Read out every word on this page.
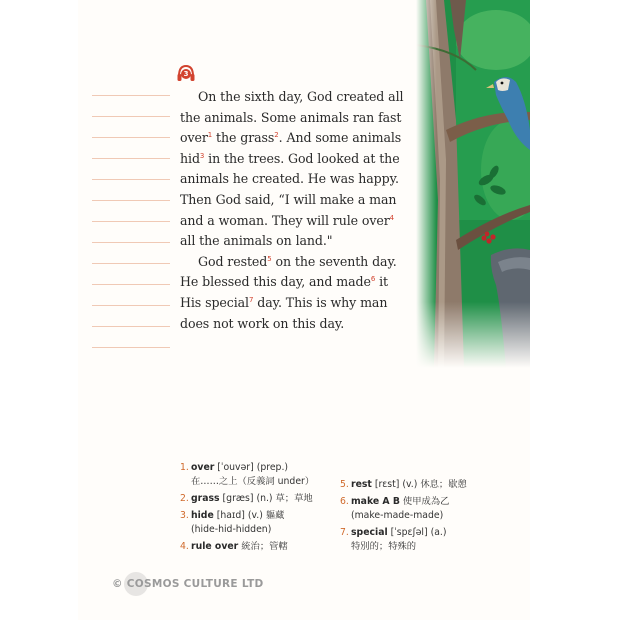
3

On the sixth day, God created all the animals. Some animals ran fast over$^1$ the grass$^2$. And some animals hid$^3$ in the trees. God looked at the animals he created. He was happy. Then God said, “I will make a man and a woman. They will rule over$^4$ all the animals on land."

God rested$^5$ on the seventh day. He blessed this day, and made$^6$ it His special$^7$ day. This is why man does not work on this day.

1. over [ˈouvər] (prep.)
在……之上（反義詞 under）
2. grass [græs] (n.) 草；草地
3. hide [haɪd] (v.) 軀藏
(hide-hid-hidden)
4. rule over 統治；管轄
5. rest [rɛst] (v.) 休息；歇憩
6. make A B 使甲成為乙
(make-made-made)
7. special [ˈspɛʃəl] (a.)
特別的；特殊的
© COSMOS CULTURE LTD
